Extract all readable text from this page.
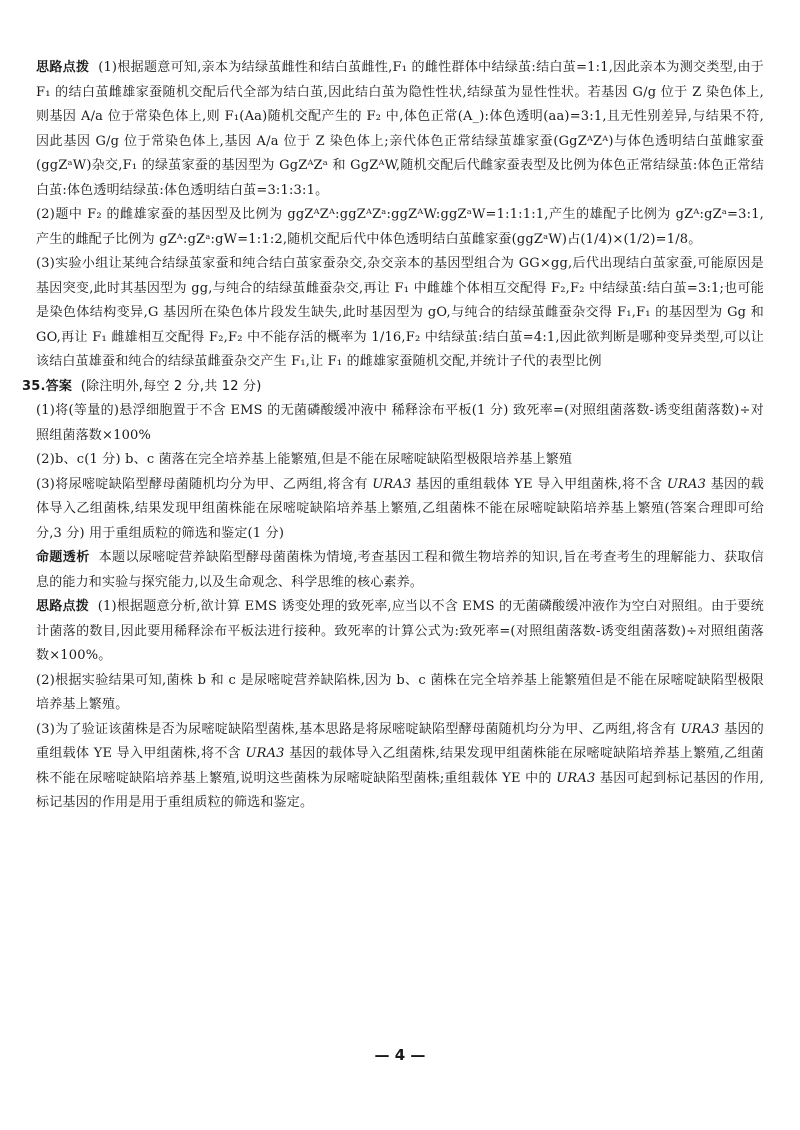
思路点拨 (1)根据题意可知,亲本为结绿茧雌性和结白茧雌性,F₁ 的雌性群体中结绿茧:结白茧=1:1,因此亲本为测交类型,由于 F₁ 的结白茧雌雄家蚕随机交配后代全部为结白茧,因此结白茧为隐性性状,结绿茧为显性性状。若基因 G/g 位于 Z 染色体上,则基因 A/a 位于常染色体上,则 F₁(Aa)随机交配产生的 F₂ 中,体色正常(A_):体色透明(aa)=3:1,且无性别差异,与结果不符,因此基因 G/g 位于常染色体上,基因 A/a 位于 Z 染色体上;亲代体色正常结绿茧雄家蚕(GgZᴬZᴬ)与体色透明结白茧雌家蚕(ggZᵃW)杂交,F₁ 的绿茧家蚕的基因型为 GgZᴬZᵃ 和 GgZᴬW,随机交配后代雌家蚕表型及比例为体色正常结绿茧:体色正常结白茧:体色透明结绿茧:体色透明结白茧=3:1:3:1。

(2)题中 F₂ 的雌雄家蚕的基因型及比例为 ggZᴬZᴬ:ggZᴬZᵃ:ggZᴬW:ggZᵃW=1:1:1:1,产生的雄配子比例为 gZᴬ:gZᵃ=3:1,产生的雌配子比例为 gZᴬ:gZᵃ:gW=1:1:2,随机交配后代中体色透明结白茧雌家蚕(ggZᵃW)占(1/4)×(1/2)=1/8。

(3)实验小组让某纯合结绿茧家蚕和纯合结白茧家蚕杂交,杂交亲本的基因型组合为 GG×gg,后代出现结白茧家蚕,可能原因是基因突变,此时其基因型为 gg,与纯合的结绿茧雌蚕杂交,再让 F₁ 中雌雄个体相互交配得 F₂,F₂ 中结绿茧:结白茧=3:1;也可能是染色体结构变异,G 基因所在染色体片段发生缺失,此时基因型为 gO,与纯合的结绿茧雌蚕杂交得 F₁,F₁ 的基因型为 Gg 和 GO,再让 F₁ 雌雄相互交配得 F₂,F₂ 中不能存活的概率为 1/16,F₂ 中结绿茧:结白茧=4:1,因此欲判断是哪种变异类型,可以让该结白茧雄蚕和纯合的结绿茧雌蚕杂交产生 F₁,让 F₁ 的雌雄家蚕随机交配,并统计子代的表型比例

35.答案 (除注明外,每空 2 分,共 12 分)

(1)将(等量的)悬浮细胞置于不含 EMS 的无菌磷酸缓冲液中 稀释涂布平板(1 分) 致死率=(对照组菌落数-诱变组菌落数)÷对照组菌落数×100%

(2)b、c(1 分) b、c 菌落在完全培养基上能繁殖,但是不能在尿嘧啶缺陷型极限培养基上繁殖

(3)将尿嘧啶缺陷型酵母菌随机均分为甲、乙两组,将含有 URA3 基因的重组载体 YE 导入甲组菌株,将不含 URA3 基因的载体导入乙组菌株,结果发现甲组菌株能在尿嘧啶缺陷培养基上繁殖,乙组菌株不能在尿嘧啶缺陷培养基上繁殖(答案合理即可给分,3 分) 用于重组质粒的筛选和鉴定(1 分)

命题透析 本题以尿嘧啶营养缺陷型酵母菌菌株为情境,考查基因工程和微生物培养的知识,旨在考查考生的理解能力、获取信息的能力和实验与探究能力,以及生命观念、科学思维的核心素养。

思路点拨 (1)根据题意分析,欲计算 EMS 诱变处理的致死率,应当以不含 EMS 的无菌磷酸缓冲液作为空白对照组。由于要统计菌落的数目,因此要用稀释涂布平板法进行接种。致死率的计算公式为:致死率=(对照组菌落数-诱变组菌落数)÷对照组菌落数×100%。

(2)根据实验结果可知,菌株 b 和 c 是尿嘧啶营养缺陷株,因为 b、c 菌株在完全培养基上能繁殖但是不能在尿嘧啶缺陷型极限培养基上繁殖。

(3)为了验证该菌株是否为尿嘧啶缺陷型菌株,基本思路是将尿嘧啶缺陷型酵母菌随机均分为甲、乙两组,将含有 URA3 基因的重组载体 YE 导入甲组菌株,将不含 URA3 基因的载体导入乙组菌株,结果发现甲组菌株能在尿嘧啶缺陷培养基上繁殖,乙组菌株不能在尿嘧啶缺陷培养基上繁殖,说明这些菌株为尿嘧啶缺陷型菌株;重组载体 YE 中的 URA3 基因可起到标记基因的作用,标记基因的作用是用于重组质粒的筛选和鉴定。

— 4 —
